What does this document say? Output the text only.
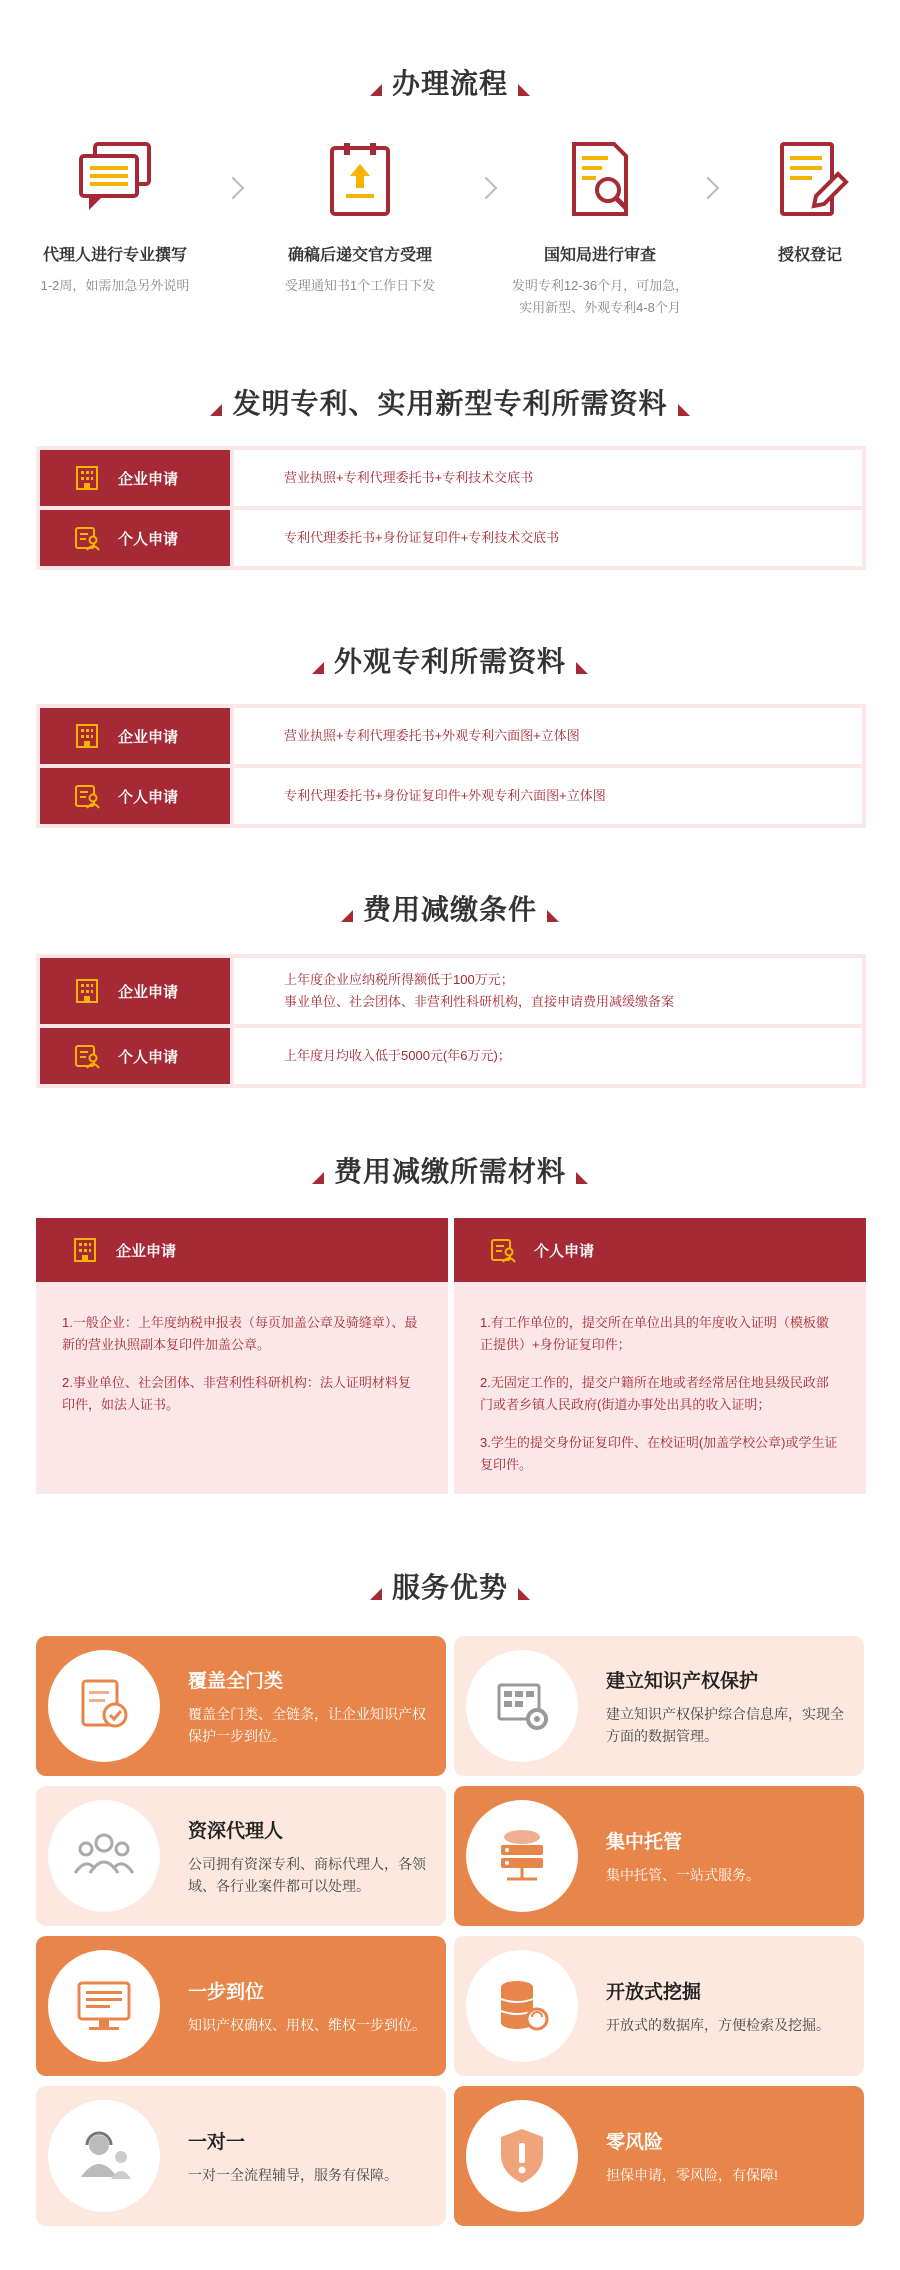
办理流程
代理人进行专业撰写
1-2周，如需加急另外说明
确稿后递交官方受理
受理通知书1个工作日下发
国知局进行审查
发明专利12-36个月，可加急，实用新型、外观专利4-8个月
授权登记
发明专利、实用新型专利所需资料
企业申请	营业执照+专利代理委托书+专利技术交底书
个人申请	专利代理委托书+身份证复印件+专利技术交底书
外观专利所需资料
企业申请	营业执照+专利代理委托书+外观专利六面图+立体图
个人申请	专利代理委托书+身份证复印件+外观专利六面图+立体图
费用减缴条件
企业申请
上年度企业应纳税所得额低于100万元；
事业单位、社会团体、非营利性科研机构，直接申请费用减缓缴备案
个人申请	上年度月均收入低于5000元(年6万元)；
费用减缴所需材料
企业申请

1.一般企业：上年度纳税申报表（每页加盖公章及骑缝章）、最新的营业执照副本复印件加盖公章。

2.事业单位、社会团体、非营利性科研机构：法人证明材料复印件，如法人证书。

个人申请

1.有工作单位的，提交所在单位出具的年度收入证明（模板徽正提供）+身份证复印件；

2.无固定工作的，提交户籍所在地或者经常居住地县级民政部门或者乡镇人民政府(街道办事处出具的收入证明；

3.学生的提交身份证复印件、在校证明(加盖学校公章)或学生证复印件。

服务优势
覆盖全门类
覆盖全门类、全链条，让企业知识产权保护一步到位。
建立知识产权保护
建立知识产权保护综合信息库，实现全方面的数据管理。
资深代理人
公司拥有资深专利、商标代理人，各领域、各行业案件都可以处理。
集中托管
集中托管、一站式服务。
一步到位
知识产权确权、用权、维权一步到位。
开放式挖掘
开放式的数据库，方便检索及挖掘。
一对一
一对一全流程辅导，服务有保障。
零风险
担保申请，零风险，有保障!
